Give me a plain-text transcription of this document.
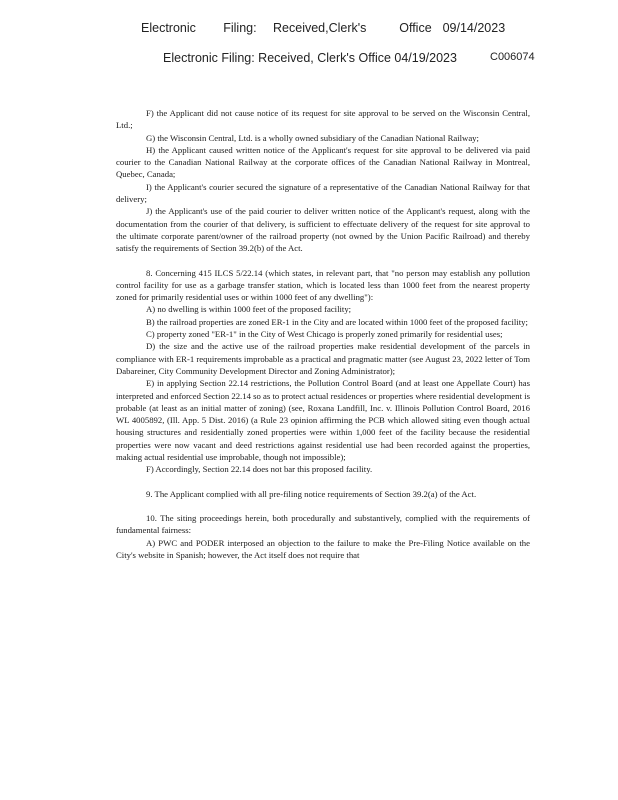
Electronic     Filing:   Received,Clerk's      Office  09/14/2023
Electronic Filing: Received, Clerk's Office 04/19/2023	C006074

F) the Applicant did not cause notice of its request for site approval to be served on the Wisconsin Central, Ltd.;

G) the Wisconsin Central, Ltd. is a wholly owned subsidiary of the Canadian National Railway;

H) the Applicant caused written notice of the Applicant's request for site approval to be delivered via paid courier to the Canadian National Railway at the corporate offices of the Canadian National Railway in Montreal, Quebec, Canada;

I) the Applicant's courier secured the signature of a representative of the Canadian National Railway for that delivery;

J) the Applicant's use of the paid courier to deliver written notice of the Applicant's request, along with the documentation from the courier of that delivery, is sufficient to effectuate delivery of the request for site approval to the ultimate corporate parent/owner of the railroad property (not owned by the Union Pacific Railroad) and thereby satisfy the requirements of Section 39.2(b) of the Act.

8. Concerning 415 ILCS 5/22.14 (which states, in relevant part, that "no person may establish any pollution control facility for use as a garbage transfer station, which is located less than 1000 feet from the nearest property zoned for primarily residential uses or within 1000 feet of any dwelling"):

A) no dwelling is within 1000 feet of the proposed facility;

B) the railroad properties are zoned ER-1 in the City and are located within 1000 feet of the proposed facility;

C) property zoned "ER-1" in the City of West Chicago is properly zoned primarily for residential uses;

D) the size and the active use of the railroad properties make residential development of the parcels in compliance with ER-1 requirements improbable as a practical and pragmatic matter (see August 23, 2022 letter of Tom Dabareiner, City Community Development Director and Zoning Administrator);

E) in applying Section 22.14 restrictions, the Pollution Control Board (and at least one Appellate Court) has interpreted and enforced Section 22.14 so as to protect actual residences or properties where residential development is probable (at least as an initial matter of zoning) (see, Roxana Landfill, Inc. v. Illinois Pollution Control Board, 2016 WL 4005892, (Ill. App. 5 Dist. 2016) (a Rule 23 opinion affirming the PCB which allowed siting even though actual housing structures and residentially zoned properties were within 1,000 feet of the facility because the residential properties were now vacant and deed restrictions against residential use had been recorded against the properties, making actual residential use improbable, though not impossible);

F) Accordingly, Section 22.14 does not bar this proposed facility.

9. The Applicant complied with all pre-filing notice requirements of Section 39.2(a) of the Act.

10. The siting proceedings herein, both procedurally and substantively, complied with the requirements of fundamental fairness:

A) PWC and PODER interposed an objection to the failure to make the Pre-Filing Notice available on the City's website in Spanish; however, the Act itself does not require that
